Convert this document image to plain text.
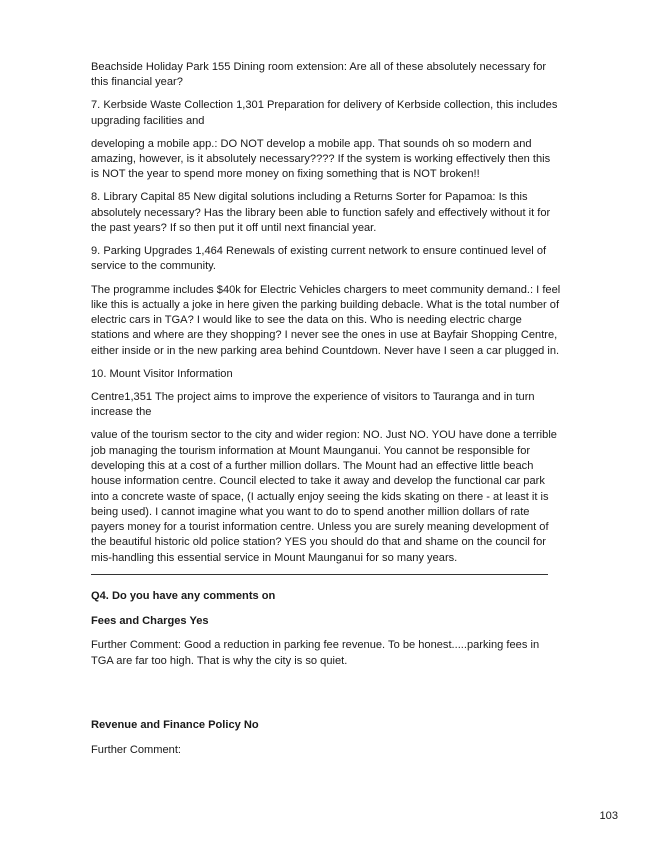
Beachside Holiday Park 155 Dining room extension: Are all of these absolutely necessary for this financial year?

7. Kerbside Waste Collection 1,301 Preparation for delivery of Kerbside collection, this includes upgrading facilities and

developing a mobile app.: DO NOT develop a mobile app. That sounds oh so modern and amazing, however, is it absolutely necessary???? If the system is working effectively then this is NOT the year to spend more money on fixing something that is NOT broken!!

8. Library Capital 85 New digital solutions including a Returns Sorter for Papamoa: Is this absolutely necessary? Has the library been able to function safely and effectively without it for the past years? If so then put it off until next financial year.

9. Parking Upgrades 1,464 Renewals of existing current network to ensure continued level of service to the community.

The programme includes $40k for Electric Vehicles chargers to meet community demand.: I feel like this is actually a joke in here given the parking building debacle. What is the total number of electric cars in TGA? I would like to see the data on this. Who is needing electric charge stations and where are they shopping? I never see the ones in use at Bayfair Shopping Centre, either inside or in the new parking area behind Countdown. Never have I seen a car plugged in.

10. Mount Visitor Information

Centre1,351 The project aims to improve the experience of visitors to Tauranga and in turn increase the

value of the tourism sector to the city and wider region: NO. Just NO. YOU have done a terrible job managing the tourism information at Mount Maunganui. You cannot be responsible for developing this at a cost of a further million dollars. The Mount had an effective little beach house information centre. Council elected to take it away and develop the functional car park into a concrete waste of space, (I actually enjoy seeing the kids skating on there - at least it is being used). I cannot imagine what you want to do to spend another million dollars of rate payers money for a tourist information centre. Unless you are surely meaning development of the beautiful historic old police station? YES you should do that and shame on the council for mis-handling this essential service in Mount Maunganui for so many years.

Q4. Do you have any comments on

Fees and Charges Yes

Further Comment: Good a reduction in parking fee revenue. To be honest.....parking fees in TGA are far too high. That is why the city is so quiet.

Revenue and Finance Policy No

Further Comment:

103
